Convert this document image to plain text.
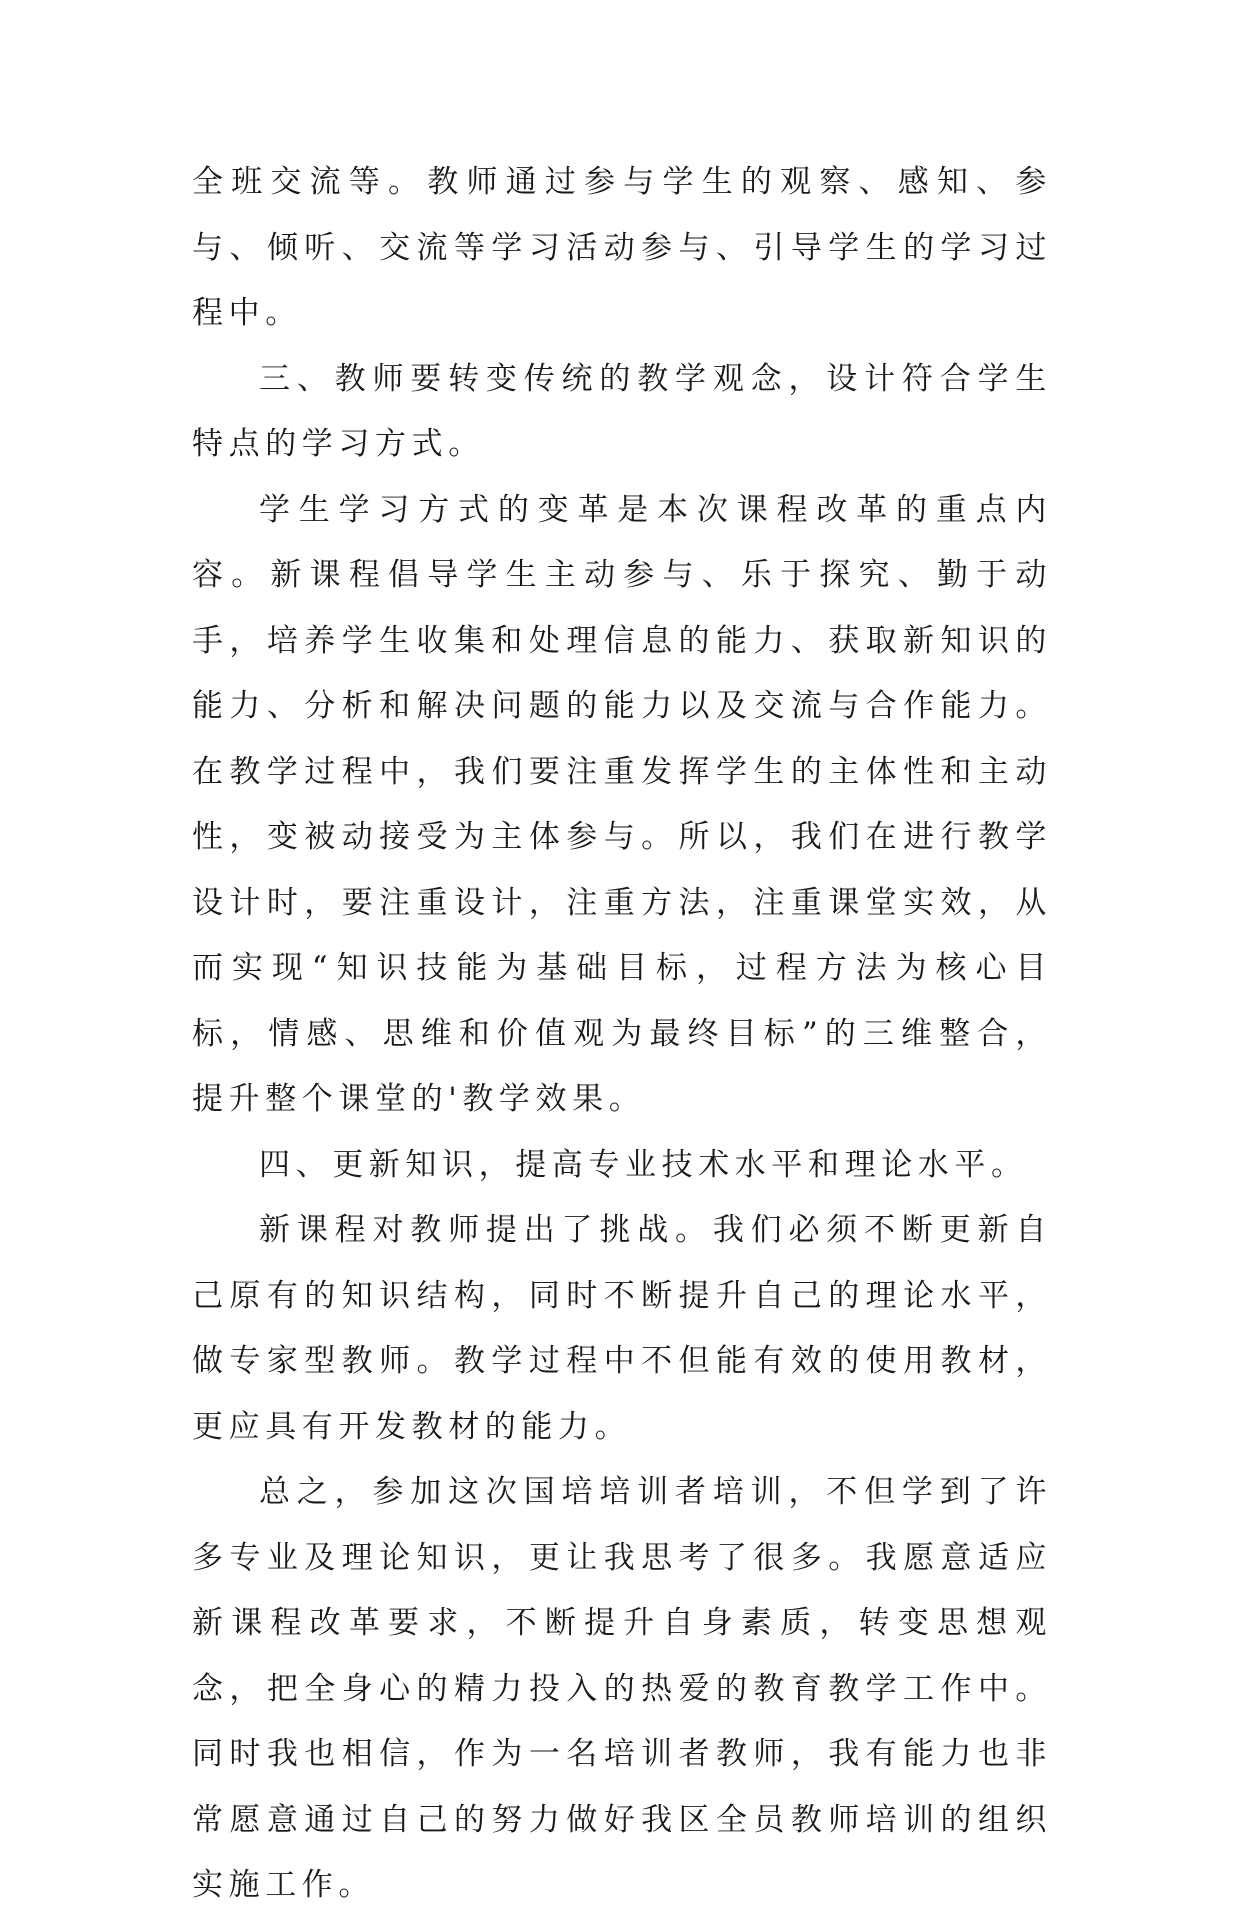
全班交流等。教师通过参与学生的观察、感知、参与、倾听、交流等学习活动参与、引导学生的学习过程中。

三、教师要转变传统的教学观念，设计符合学生特点的学习方式。

学生学习方式的变革是本次课程改革的重点内容。新课程倡导学生主动参与、乐于探究、勤于动手，培养学生收集和处理信息的能力、获取新知识的能力、分析和解决问题的能力以及交流与合作能力。在教学过程中，我们要注重发挥学生的主体性和主动性，变被动接受为主体参与。所以，我们在进行教学设计时，要注重设计，注重方法，注重课堂实效，从而实现“知识技能为基础目标，过程方法为核心目标，情感、思维和价值观为最终目标”的三维整合，提升整个课堂的'教学效果。

四、更新知识，提高专业技术水平和理论水平。

新课程对教师提出了挑战。我们必须不断更新自己原有的知识结构，同时不断提升自己的理论水平，做专家型教师。教学过程中不但能有效的使用教材，更应具有开发教材的能力。

总之，参加这次国培培训者培训，不但学到了许多专业及理论知识，更让我思考了很多。我愿意适应新课程改革要求，不断提升自身素质，转变思想观念，把全身心的精力投入的热爱的教育教学工作中。同时我也相信，作为一名培训者教师，我有能力也非常愿意通过自己的努力做好我区全员教师培训的组织实施工作。
